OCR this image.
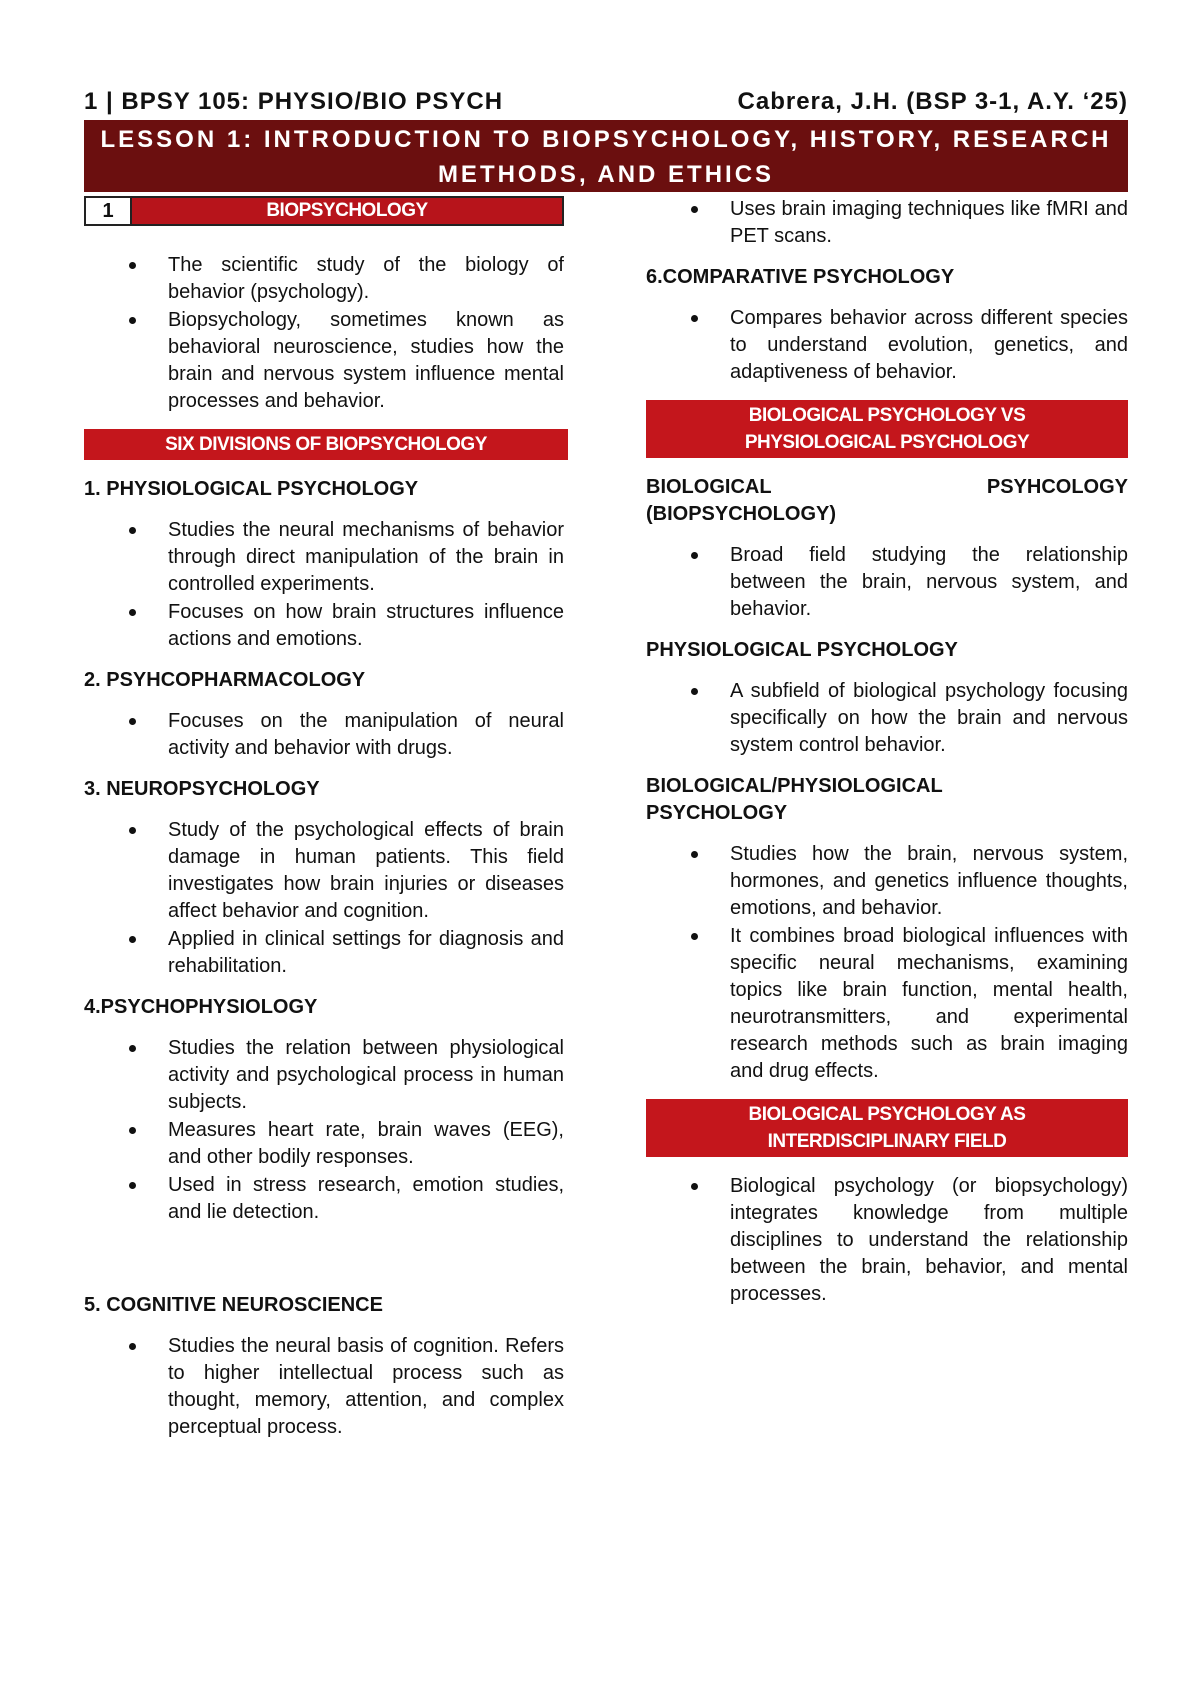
1 | BPSY 105: PHYSIO/BIO PSYCH	Cabrera, J.H. (BSP 3-1, A.Y. ‘25)
LESSON 1: INTRODUCTION TO BIOPSYCHOLOGY, HISTORY, RESEARCH
METHODS, AND ETHICS
1	BIOPSYCHOLOGY
The scientific study of the biology of behavior (psychology).
Biopsychology, sometimes known as behavioral neuroscience, studies how the brain and nervous system influence mental processes and behavior.
SIX DIVISIONS OF BIOPSYCHOLOGY
1. PHYSIOLOGICAL PSYCHOLOGY
Studies the neural mechanisms of behavior through direct manipulation of the brain in controlled experiments.
Focuses on how brain structures influence actions and emotions.
2. PSYHCOPHARMACOLOGY
Focuses on the manipulation of neural activity and behavior with drugs.
3. NEUROPSYCHOLOGY
Study of the psychological effects of brain damage in human patients. This field investigates how brain injuries or diseases affect behavior and cognition.
Applied in clinical settings for diagnosis and rehabilitation.
4.PSYCHOPHYSIOLOGY
Studies the relation between physiological activity and psychological process in human subjects.
Measures heart rate, brain waves (EEG), and other bodily responses.
Used in stress research, emotion studies, and lie detection.
5. COGNITIVE NEUROSCIENCE
Studies the neural basis of cognition. Refers to higher intellectual process such as thought, memory, attention, and complex perceptual process.
Uses brain imaging techniques like fMRI and PET scans.
6.COMPARATIVE PSYCHOLOGY
Compares behavior across different species to understand evolution, genetics, and adaptiveness of behavior.
BIOLOGICAL PSYCHOLOGY VS
PHYSIOLOGICAL PSYCHOLOGY
BIOLOGICAL	PSYHCOLOGY
(BIOPSYCHOLOGY)
Broad field studying the relationship between the brain, nervous system, and behavior.
PHYSIOLOGICAL PSYCHOLOGY
A subfield of biological psychology focusing specifically on how the brain and nervous system control behavior.
BIOLOGICAL/PHYSIOLOGICAL
PSYCHOLOGY
Studies how the brain, nervous system, hormones, and genetics influence thoughts, emotions, and behavior.
It combines broad biological influences with specific neural mechanisms, examining topics like brain function, mental health, neurotransmitters, and experimental research methods such as brain imaging and drug effects.
BIOLOGICAL PSYCHOLOGY AS
INTERDISCIPLINARY FIELD
Biological psychology (or biopsychology) integrates knowledge from multiple disciplines to understand the relationship between the brain, behavior, and mental processes.
